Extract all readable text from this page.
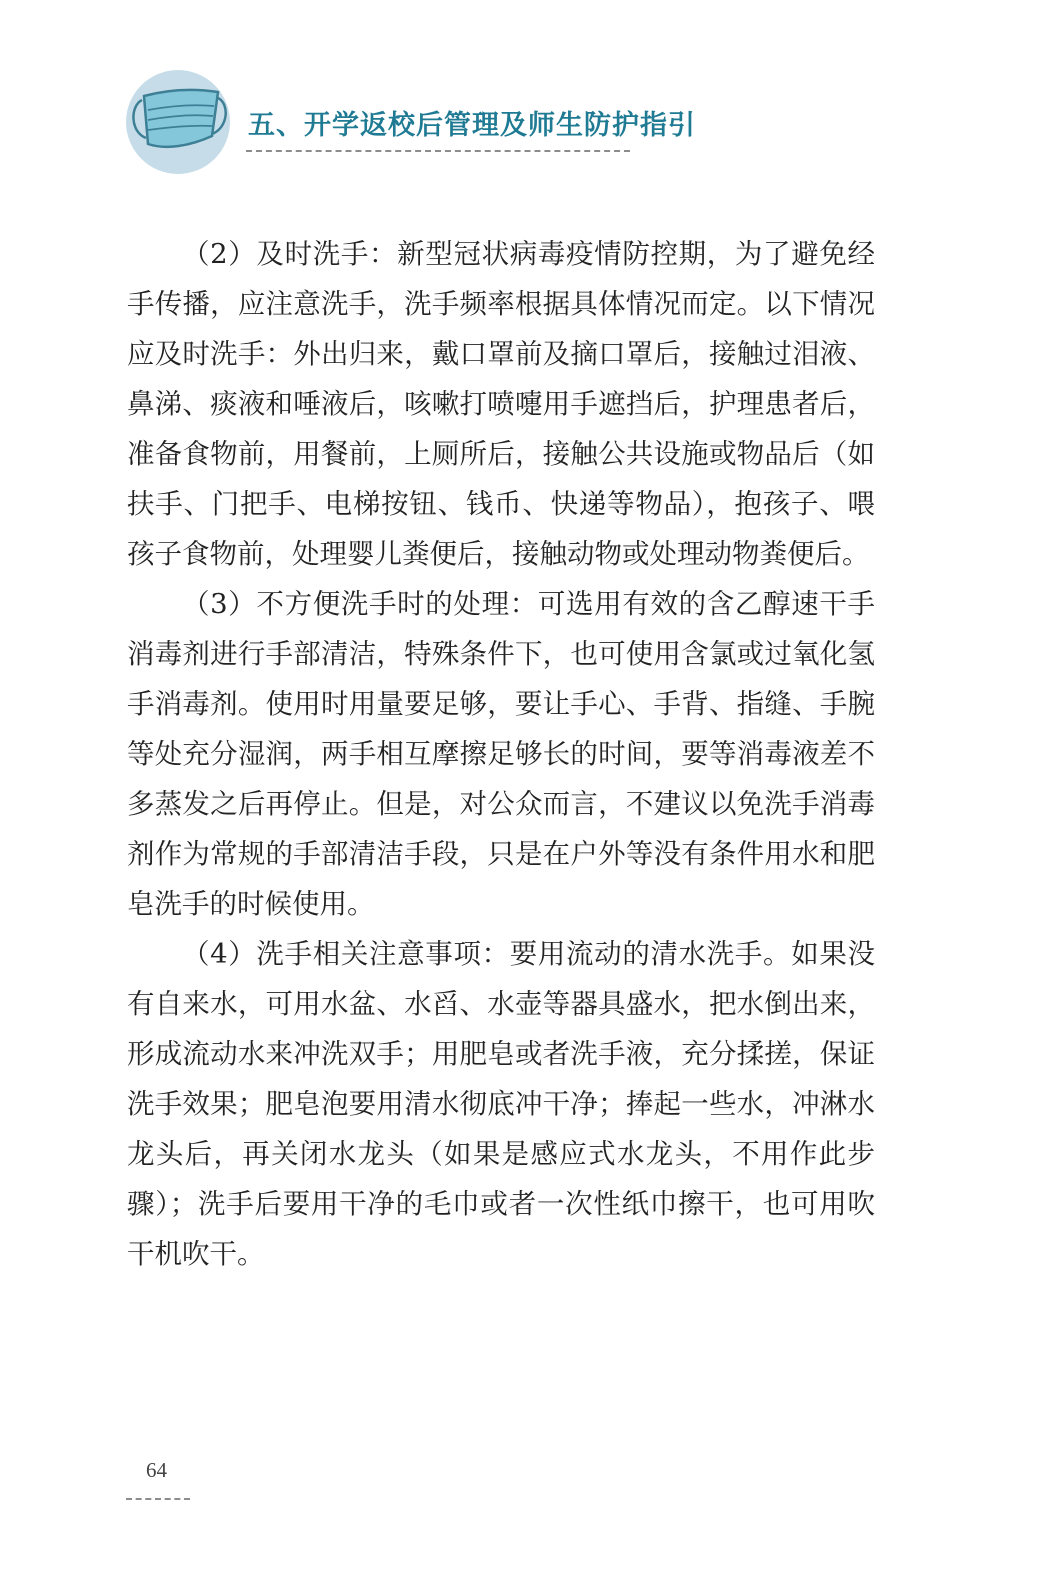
五、开学返校后管理及师生防护指引

（2）及时洗手：新型冠状病毒疫情防控期，为了避免经手传播，应注意洗手，洗手频率根据具体情况而定。以下情况应及时洗手：外出归来，戴口罩前及摘口罩后，接触过泪液、鼻涕、痰液和唾液后，咳嗽打喷嚏用手遮挡后，护理患者后，准备食物前，用餐前，上厕所后，接触公共设施或物品后（如扶手、门把手、电梯按钮、钱币、快递等物品），抱孩子、喂孩子食物前，处理婴儿粪便后，接触动物或处理动物粪便后。

（3）不方便洗手时的处理：可选用有效的含乙醇速干手消毒剂进行手部清洁，特殊条件下，也可使用含氯或过氧化氢手消毒剂。使用时用量要足够，要让手心、手背、指缝、手腕等处充分湿润，两手相互摩擦足够长的时间，要等消毒液差不多蒸发之后再停止。但是，对公众而言，不建议以免洗手消毒剂作为常规的手部清洁手段，只是在户外等没有条件用水和肥皂洗手的时候使用。

（4）洗手相关注意事项：要用流动的清水洗手。如果没有自来水，可用水盆、水舀、水壶等器具盛水，把水倒出来，形成流动水来冲洗双手；用肥皂或者洗手液，充分揉搓，保证洗手效果；肥皂泡要用清水彻底冲干净；捧起一些水，冲淋水龙头后，再关闭水龙头（如果是感应式水龙头，不用作此步骤）；洗手后要用干净的毛巾或者一次性纸巾擦干，也可用吹干机吹干。

64
